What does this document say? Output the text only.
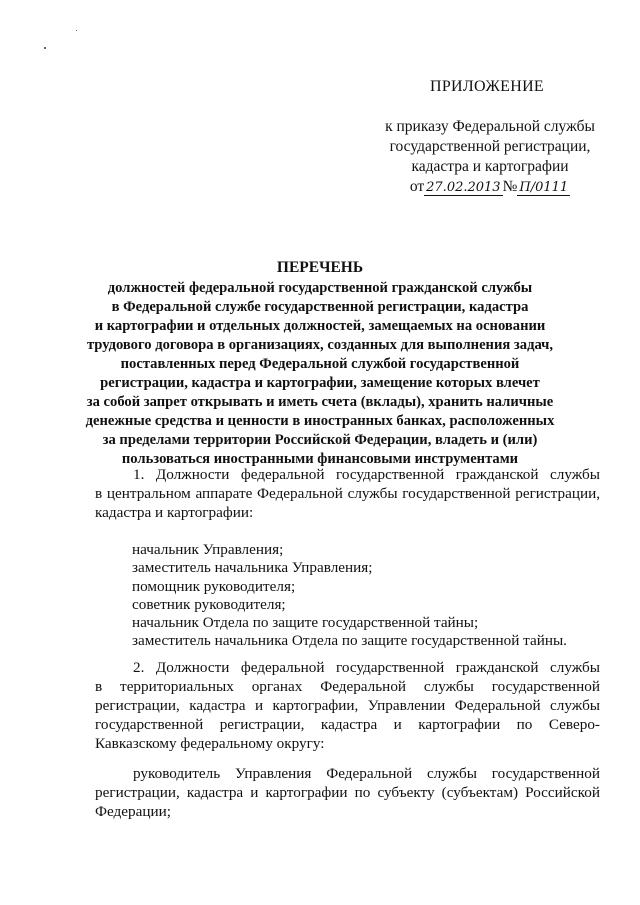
ПРИЛОЖЕНИЕ
к приказу Федеральной службы
государственной регистрации,
кадастра и картографии
от 27.02.2013 № П/0111
ПЕРЕЧЕНЬ
должностей федеральной государственной гражданской службы
в Федеральной службе государственной регистрации, кадастра
и картографии и отдельных должностей, замещаемых на основании
трудового договора в организациях, созданных для выполнения задач,
поставленных перед Федеральной службой государственной
регистрации, кадастра и картографии, замещение которых влечет
за собой запрет открывать и иметь счета (вклады), хранить наличные
денежные средства и ценности в иностранных банках, расположенных
за пределами территории Российской Федерации, владеть и (или)
пользоваться иностранными финансовыми инструментами
1. Должности федеральной государственной гражданской службы
в центральном аппарате Федеральной службы государственной регистрации,
кадастра и картографии:
начальник Управления;
заместитель начальника Управления;
помощник руководителя;
советник руководителя;
начальник Отдела по защите государственной тайны;
заместитель начальника Отдела по защите государственной тайны.
2. Должности федеральной государственной гражданской службы
в территориальных органах Федеральной службы государственной
регистрации, кадастра и картографии, Управлении Федеральной службы
государственной регистрации, кадастра и картографии по Северо-
Кавказскому федеральному округу:
руководитель Управления Федеральной службы государственной
регистрации, кадастра и картографии по субъекту (субъектам) Российской
Федерации;
